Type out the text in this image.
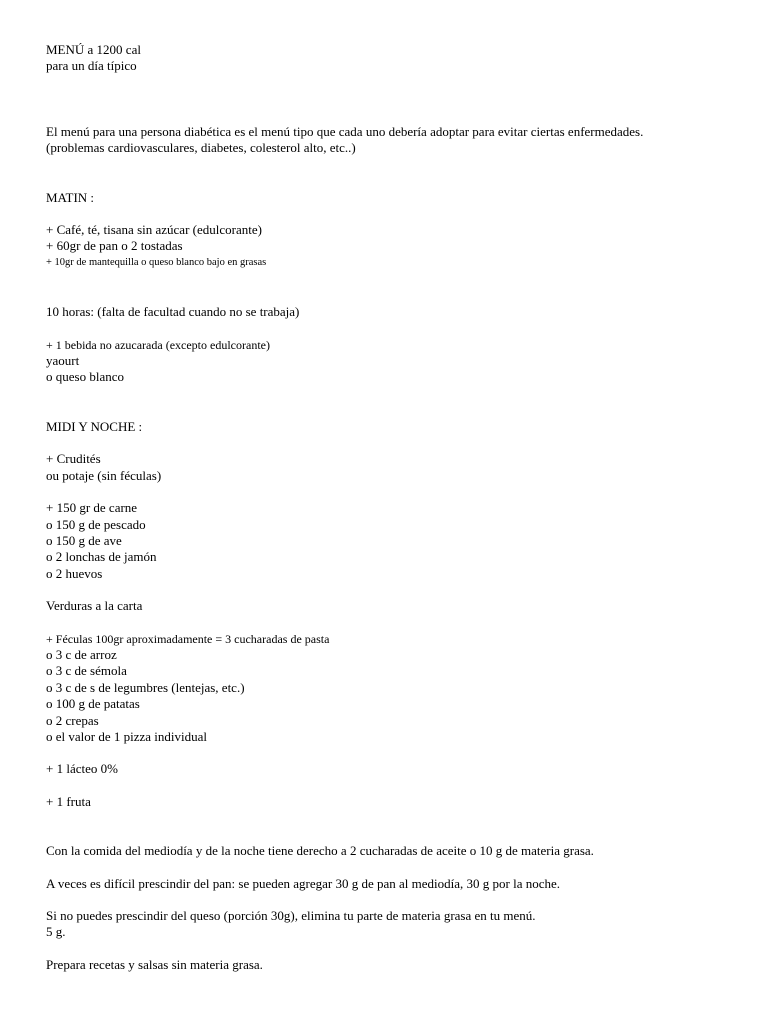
MENÚ a 1200 cal
para un día típico
El menú para una persona diabética es el menú tipo que cada uno debería adoptar para evitar ciertas enfermedades.
(problemas cardiovasculares, diabetes, colesterol alto, etc..)
MATIN :
+ Café, té, tisana sin azúcar (edulcorante)
+ 60gr de pan o 2 tostadas
+ 10gr de mantequilla o queso blanco bajo en grasas
10 horas: (falta de facultad cuando no se trabaja)
+ 1 bebida no azucarada (excepto edulcorante)
yaourt
o queso blanco
MIDI Y NOCHE :
+ Crudités
ou potaje (sin féculas)
+ 150 gr de carne
o 150 g de pescado
o 150 g de ave
o 2 lonchas de jamón
o 2 huevos
Verduras a la carta
+ Féculas 100gr aproximadamente = 3 cucharadas de pasta
o 3 c de arroz
o 3 c de sémola
o 3 c de s de legumbres (lentejas, etc.)
o 100 g de patatas
o 2 crepas
o el valor de 1 pizza individual
+ 1 lácteo 0%
+ 1 fruta
Con la comida del mediodía y de la noche tiene derecho a 2 cucharadas de aceite o 10 g de materia grasa.
A veces es difícil prescindir del pan: se pueden agregar 30 g de pan al mediodía, 30 g por la noche.
Si no puedes prescindir del queso (porción 30g), elimina tu parte de materia grasa en tu menú.
5 g.
Prepara recetas y salsas sin materia grasa.
